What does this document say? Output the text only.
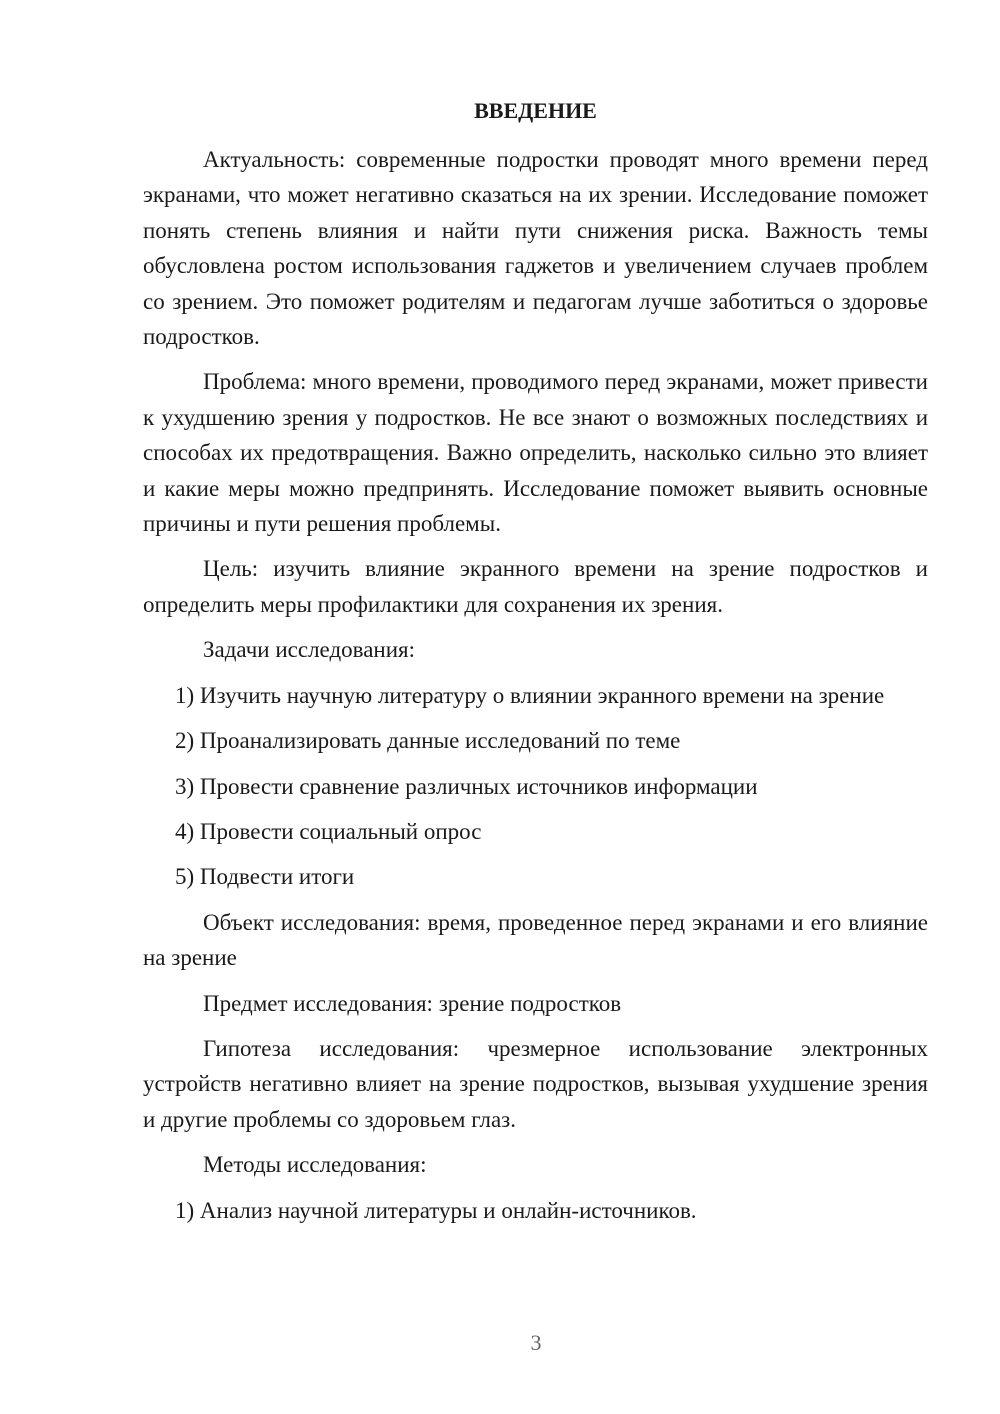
ВВЕДЕНИЕ

Актуальность: современные подростки проводят много времени перед экранами, что может негативно сказаться на их зрении. Исследование поможет понять степень влияния и найти пути снижения риска. Важность темы обусловлена ростом использования гаджетов и увеличением случаев проблем со зрением. Это поможет родителям и педагогам лучше заботиться о здоровье подростков.

Проблема: много времени, проводимого перед экранами, может привести к ухудшению зрения у подростков. Не все знают о возможных последствиях и способах их предотвращения. Важно определить, насколько сильно это влияет и какие меры можно предпринять. Исследование поможет выявить основные причины и пути решения проблемы.

Цель: изучить влияние экранного времени на зрение подростков и определить меры профилактики для сохранения их зрения.

Задачи исследования:

1) Изучить научную литературу о влиянии экранного времени на зрение

2) Проанализировать данные исследований по теме

3) Провести сравнение различных источников информации

4) Провести социальный опрос

5) Подвести итоги

Объект исследования: время, проведенное перед экранами и его влияние на зрение

Предмет исследования: зрение подростков

Гипотеза исследования: чрезмерное использование электронных устройств негативно влияет на зрение подростков, вызывая ухудшение зрения и другие проблемы со здоровьем глаз.

Методы исследования:

1) Анализ научной литературы и онлайн-источников.

3
